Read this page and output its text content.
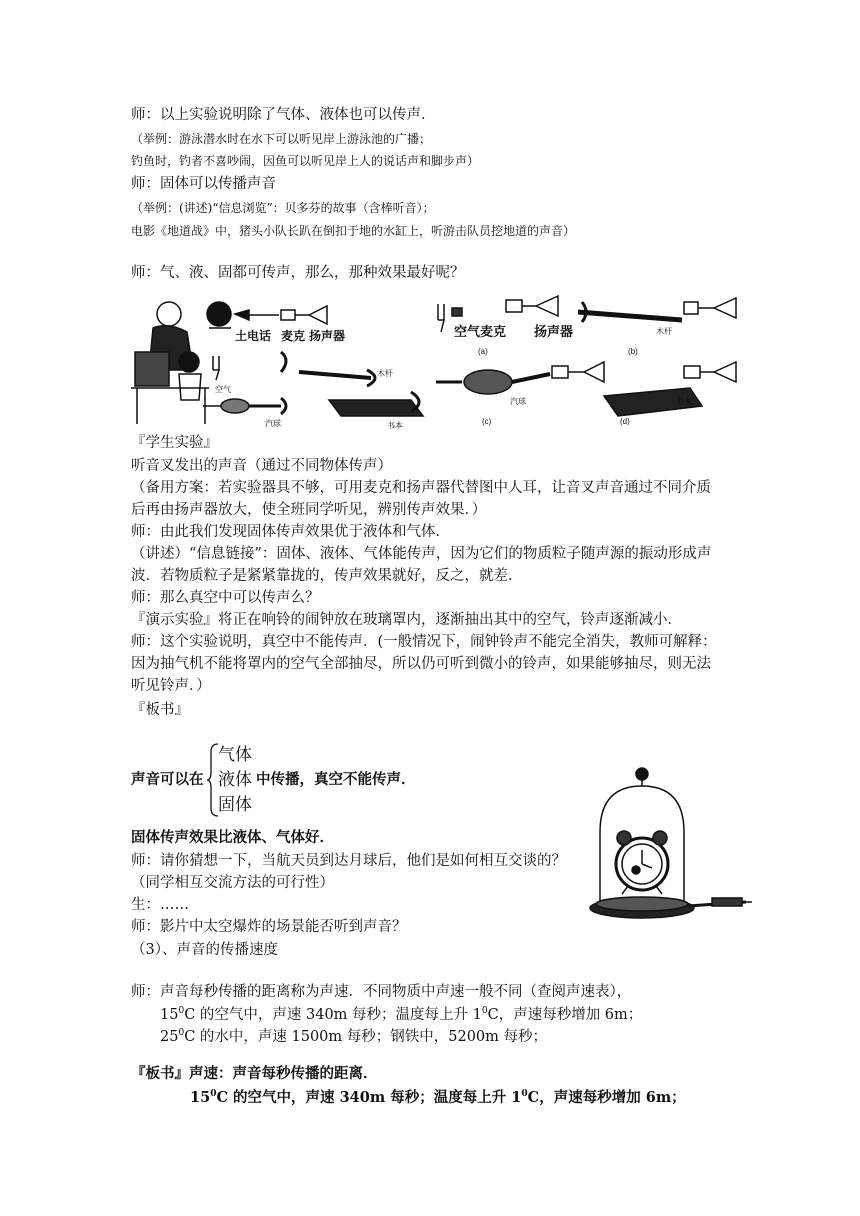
师：以上实验说明除了气体、液体也可以传声．
（举例：游泳潜水时在水下可以听见岸上游泳池的广播；
钓鱼时，钓者不喜吵闹，因鱼可以听见岸上人的说话声和脚步声）
师：固体可以传播声音
（举例：(讲述)“信息浏览”：贝多芬的故事（含棒听音）；
电影《地道战》中，猪头小队长趴在倒扣于地的水缸上，听游击队员挖地道的声音）
师：气、液、固都可传声，那么，那种效果最好呢？
土电话 麦克 扬声器
空气
木杆
汽球	书本
空气麦克 扬声器
(a)	(b)
木杆
汽球
(c)	(d)
书本
『学生实验』
听音叉发出的声音（通过不同物体传声）
（备用方案：若实验器具不够，可用麦克和扬声器代替图中人耳，让音叉声音通过不同介质
后再由扬声器放大，使全班同学听见，辨别传声效果．）
师：由此我们发现固体传声效果优于液体和气体．
（讲述）“信息链接”：固体、液体、气体能传声，因为它们的物质粒子随声源的振动形成声
波．若物质粒子是紧紧靠拢的，传声效果就好，反之，就差．
师：那么真空中可以传声么？
『演示实验』将正在响铃的闹钟放在玻璃罩内，逐渐抽出其中的空气，铃声逐渐减小．
师：这个实验说明，真空中不能传声．(一般情况下，闹钟铃声不能完全消失，教师可解释：
因为抽气机不能将罩内的空气全部抽尽，所以仍可听到微小的铃声，如果能够抽尽，则无法
听见铃声．）
『板书』
声音可以在
气体
液体 中传播，真空不能传声．
固体
固体传声效果比液体、气体好．
师：请你猜想一下，当航天员到达月球后，他们是如何相互交谈的？
（同学相互交流方法的可行性）
生：……
师：影片中太空爆炸的场景能否听到声音？
（3）、声音的传播速度
师：声音每秒传播的距离称为声速．不同物质中声速一般不同（查阅声速表），
$15^0C$ 的空气中，声速 340m 每秒；温度每上升 $1^0C$，声速每秒增加 6m；
$25^0C$ 的水中，声速 1500m 每秒；钢铁中，5200m 每秒；
『板书』声速：声音每秒传播的距离．
$15^0C$ 的空气中，声速 340m 每秒；温度每上升 $1^0C$，声速每秒增加 6m；
